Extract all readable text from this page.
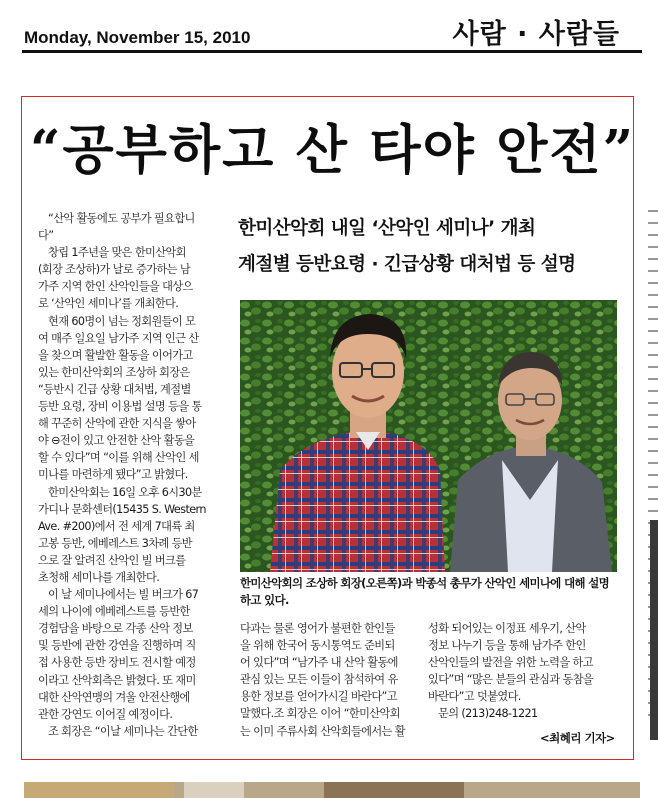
Monday, November 15, 2010	사람 · 사람들
“공부하고 산 타야 안전”
한미산악회 내일 ‘산악인 세미나’ 개최
계절별 등반요령 · 긴급상황 대처법 등 설명

“산악 활동에도 공부가 필요합니

다”

창립 1주년을 맞은 한미산악회

(회장 조상하)가 날로 증가하는 남

가주 지역 한인 산악인들을 대상으

로 ‘산악인 세미나’를 개최한다.

현재 60명이 넘는 정회원들이 모

여 매주 일요일 남가주 지역 인근 산

을 찾으며 활발한 활동을 이어가고

있는 한미산악회의 조상하 회장은

“등반시 긴급 상황 대처법, 계절별

등반 요령, 장비 이용법 설명 등을 통

해 꾸준히 산악에 관한 지식을 쌓아

야 ⊖전이 있고 안전한 산악 활동을

할 수 있다”며 “이를 위해 산악인 세

미나를 마련하게 됐다”고 밝혔다.

한미산악회는 16일 오후 6시30분

가디나 문화센터(15435 S. Western

Ave. #200)에서 전 세계 7대륙 최

고봉 등반, 에베레스트 3차례 등반

으로 잘 알려진 산악인 빌 버크를

초청해 세미나를 개최한다.

이 날 세미나에서는 빌 버크가 67

세의 나이에 에베레스트를 등반한

경험담을 바탕으로 각종 산악 정보

및 등반에 관한 강연을 진행하며 직

접 사용한 등반 장비도 전시할 예정

이라고 산악회측은 밝혔다. 또 재미

대한 산악연맹의 겨울 안전산행에

관한 강연도 이어질 예정이다.

조 회장은 “이날 세미나는 간단한

한미산악회의 조상하 회장(오른쪽)과 박종석 총무가 산악인 세미나에 대해 설명
하고 있다.

다과는 물론 영어가 불편한 한인들

을 위해 한국어 동시통역도 준비되

어 있다”며 “남가주 내 산악 활동에

관심 있는 모든 이들이 참석하여 유

용한 정보를 얻어가시길 바란다”고

말했다.조 회장은 이어 “한미산악회

는 이미 주류사회 산악회들에서는 활

성화 되어있는 이정표 세우기, 산악

정보 나누기 등을 통해 남가주 한인

산악인들의 발전을 위한 노력을 하고

있다”며 “많은 분들의 관심과 동참을

바란다”고 덧붙였다.

문의 (213)248-1221

<최혜리 기자>
